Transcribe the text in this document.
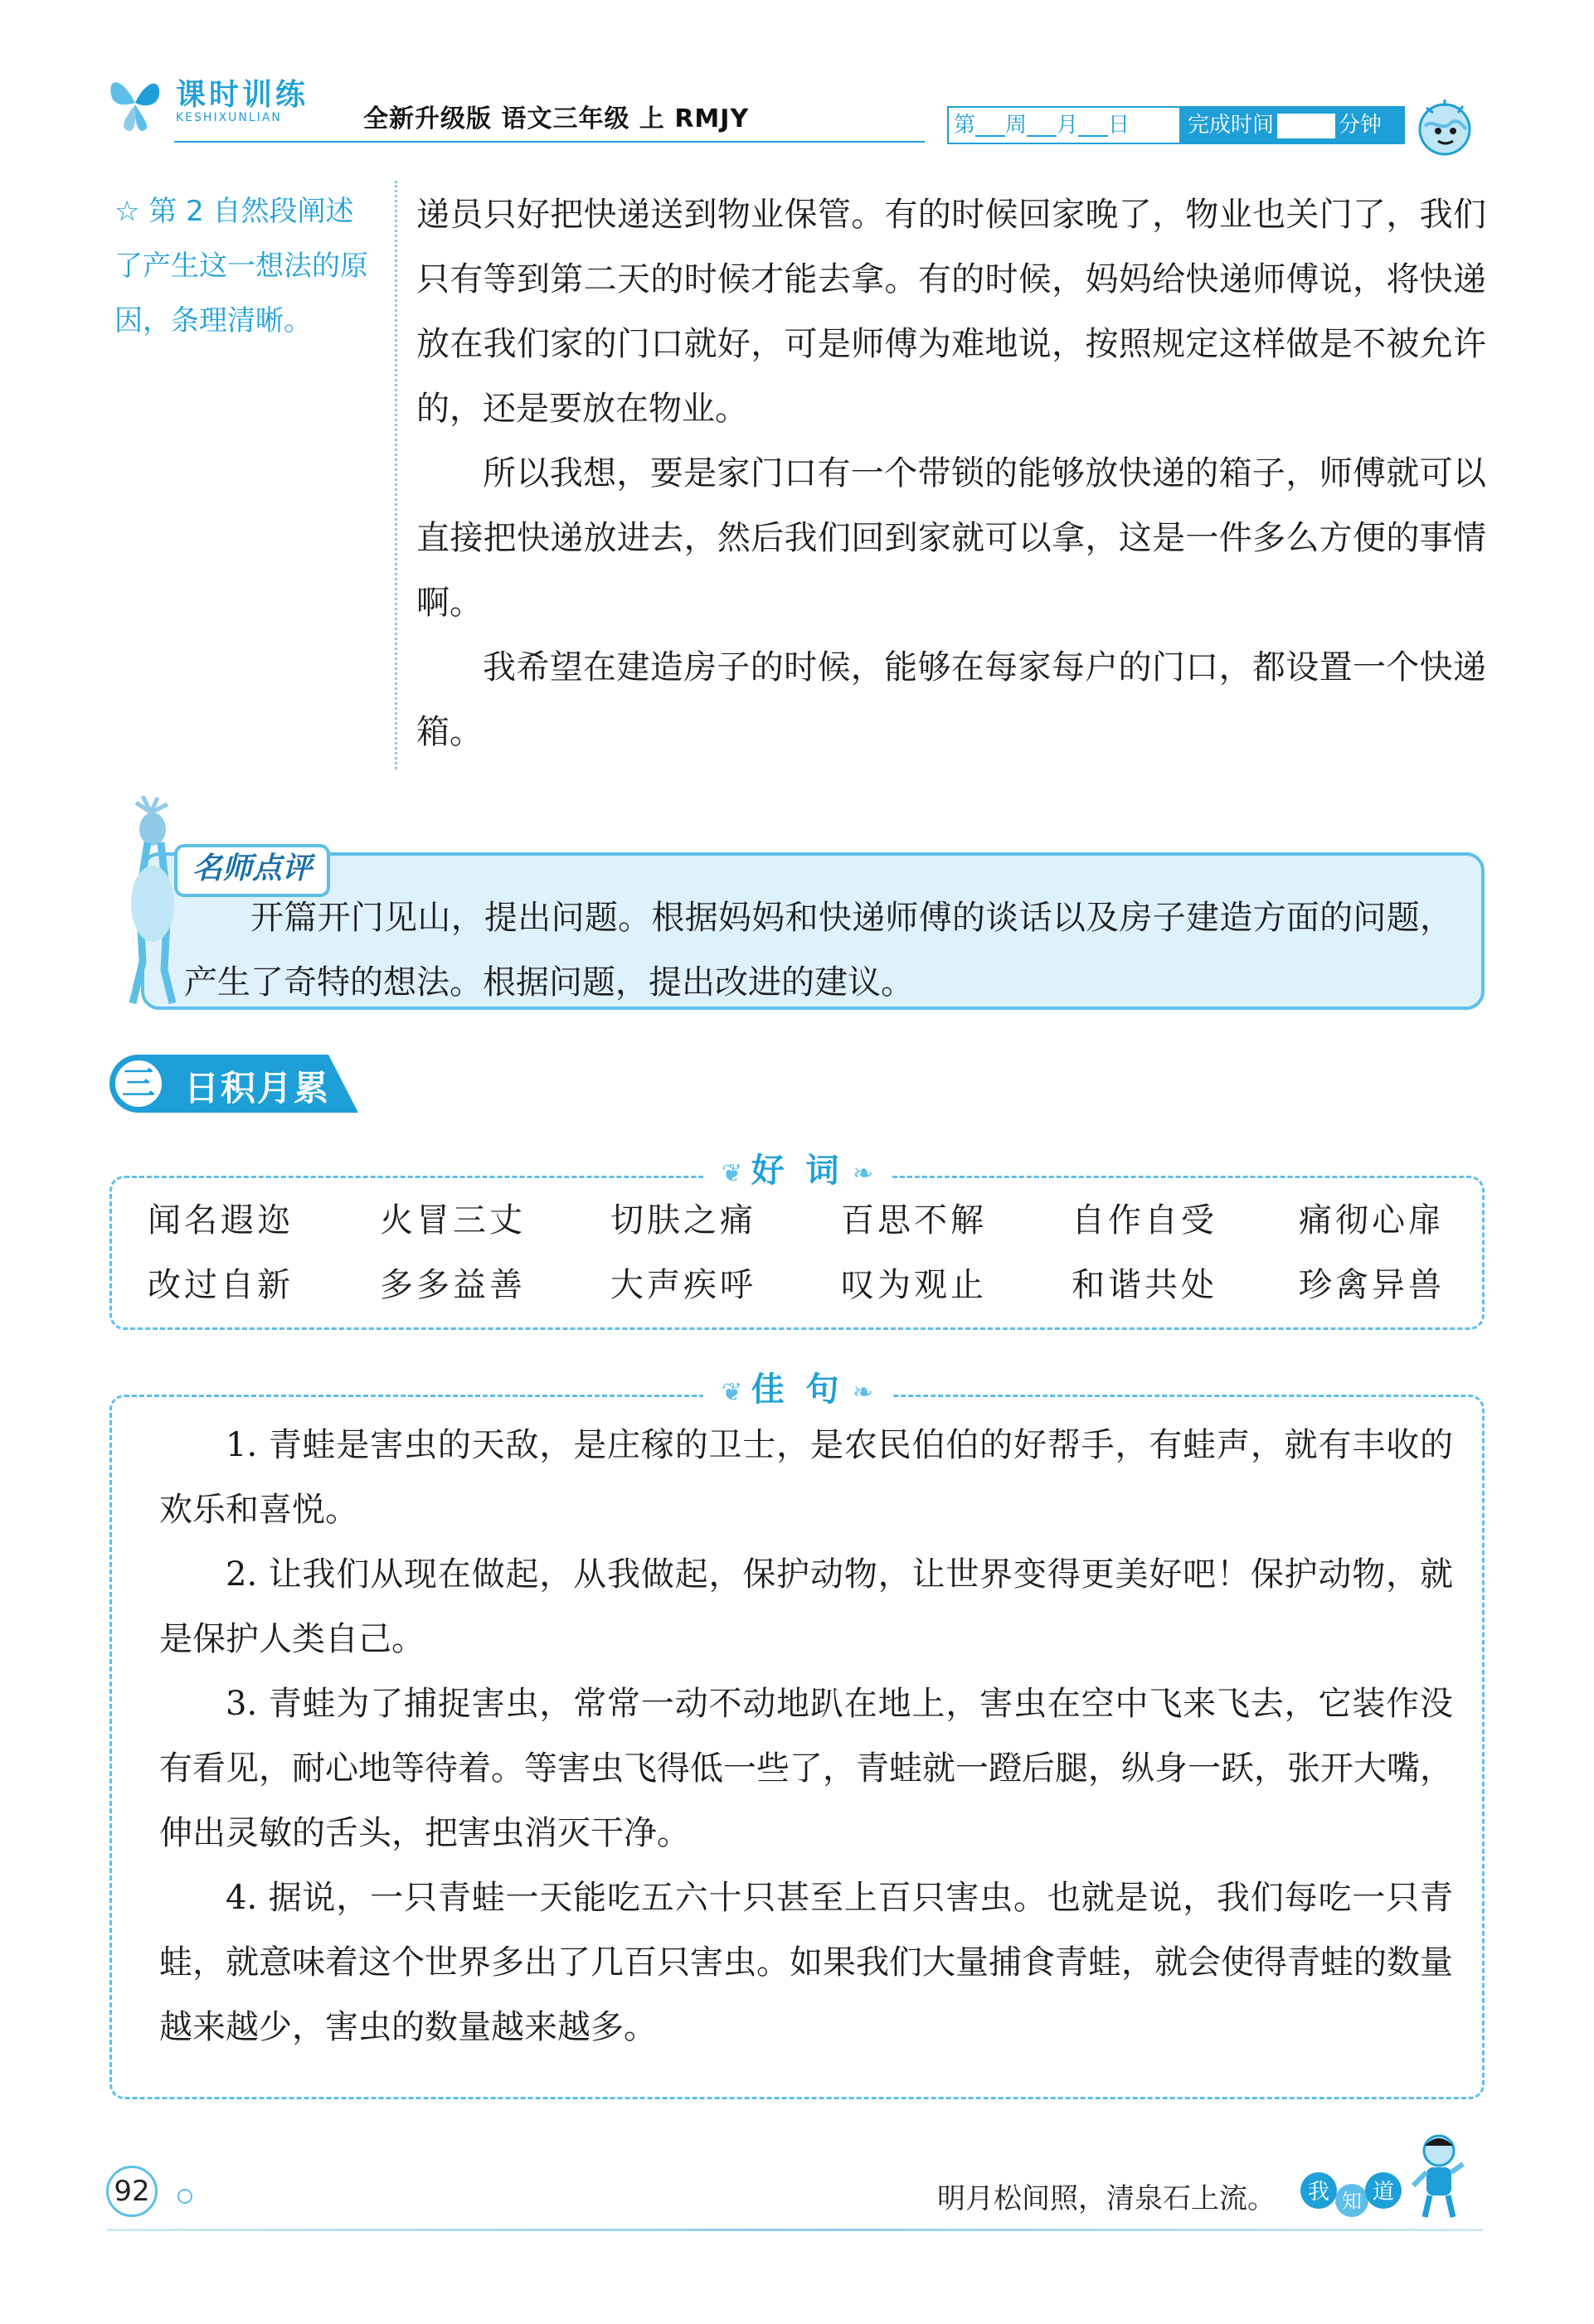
课时训练
KESHIXUNLIAN	全新升级版 语文三年级 上 RMJY	第 周 月 日	完成时间	分钟
☆ 第 2 自然段阐述了产生这一想法的原因，条理清晰。
递员只好把快递送到物业保管。有的时候回家晚了，物业也关门了，我们只有等到第二天的时候才能去拿。有的时候，妈妈给快递师傅说，将快递放在我们家的门口就好，可是师傅为难地说，按照规定这样做是不被允许的，还是要放在物业。
所以我想，要是家门口有一个带锁的能够放快递的箱子，师傅就可以直接把快递放进去，然后我们回到家就可以拿，这是一件多么方便的事情啊。
我希望在建造房子的时候，能够在每家每户的门口，都设置一个快递箱。
名师点评
开篇开门见山，提出问题。根据妈妈和快递师傅的谈话以及房子建造方面的问题，产生了奇特的想法。根据问题，提出改进的建议。
三 日积月累
❦ 好 词 ❧
闻名遐迩	火冒三丈	切肤之痛	百思不解	自作自受 痛彻心扉
改过自新	多多益善	大声疾呼	叹为观止	和谐共处 珍禽异兽
❦ 佳 句 ❧
1. 青蛙是害虫的天敌，是庄稼的卫士，是农民伯伯的好帮手，有蛙声，就有丰收的欢乐和喜悦。
2. 让我们从现在做起，从我做起，保护动物，让世界变得更美好吧！保护动物，就是保护人类自己。
3. 青蛙为了捕捉害虫，常常一动不动地趴在地上，害虫在空中飞来飞去，它装作没有看见，耐心地等待着。等害虫飞得低一些了，青蛙就一蹬后腿，纵身一跃，张开大嘴，伸出灵敏的舌头，把害虫消灭干净。
4. 据说，一只青蛙一天能吃五六十只甚至上百只害虫。也就是说，我们每吃一只青蛙，就意味着这个世界多出了几百只害虫。如果我们大量捕食青蛙，就会使得青蛙的数量越来越少，害虫的数量越来越多。
92	明月松间照，清泉石上流。 我 知 道
